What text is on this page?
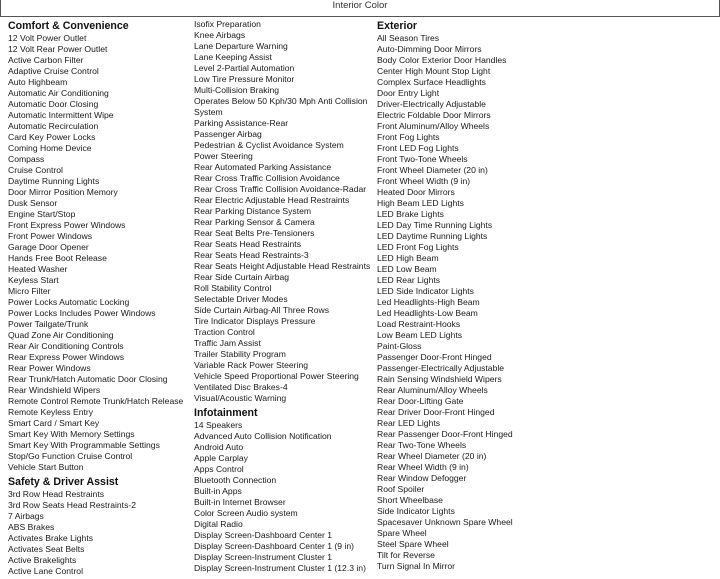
Interior Color
Comfort & Convenience
12 Volt Power Outlet
12 Volt Rear Power Outlet
Active Carbon Filter
Adaptive Cruise Control
Auto Highbeam
Automatic Air Conditioning
Automatic Door Closing
Automatic Intermittent Wipe
Automatic Recirculation
Card Key Power Locks
Coming Home Device
Compass
Cruise Control
Daytime Running Lights
Door Mirror Position Memory
Dusk Sensor
Engine Start/Stop
Front Express Power Windows
Front Power Windows
Garage Door Opener
Hands Free Boot Release
Heated Washer
Keyless Start
Micro Filter
Power Locks Automatic Locking
Power Locks Includes Power Windows
Power Tailgate/Trunk
Quad Zone Air Conditioning
Rear Air Conditioning Controls
Rear Express Power Windows
Rear Power Windows
Rear Trunk/Hatch Automatic Door Closing
Rear Windshield Wipers
Remote Control Remote Trunk/Hatch Release
Remote Keyless Entry
Smart Card / Smart Key
Smart Key With Memory Settings
Smart Key With Programmable Settings
Stop/Go Function Cruise Control
Vehicle Start Button
Safety & Driver Assist
3rd Row Head Restraints
3rd Row Seats Head Restraints-2
7 Airbags
ABS Brakes
Activates Brake Lights
Activates Seat Belts
Active Brakelights
Active Lane Control
Isofix Preparation
Knee Airbags
Lane Departure Warning
Lane Keeping Assist
Level 2-Partial Automation
Low Tire Pressure Monitor
Multi-Collision Braking
Operates Below 50 Kph/30 Mph Anti Collision System
Parking Assistance-Rear
Passenger Airbag
Pedestrian & Cyclist Avoidance System
Power Steering
Rear Automated Parking Assistance
Rear Cross Traffic Collision Avoidance
Rear Cross Traffic Collision Avoidance-Radar
Rear Electric Adjustable Head Restraints
Rear Parking Distance System
Rear Parking Sensor & Camera
Rear Seat Belts Pre-Tensioners
Rear Seats Head Restraints
Rear Seats Head Restraints-3
Rear Seats Height Adjustable Head Restraints
Rear Side Curtain Airbag
Roll Stability Control
Selectable Driver Modes
Side Curtain Airbag-All Three Rows
Tire Indicator Displays Pressure
Traction Control
Traffic Jam Assist
Trailer Stability Program
Variable Rack Power Steering
Vehicle Speed Proportional Power Steering
Ventilated Disc Brakes-4
Visual/Acoustic Warning
Infotainment
14 Speakers
Advanced Auto Collision Notification
Android Auto
Apple Carplay
Apps Control
Bluetooth Connection
Built-in Apps
Built-in Internet Browser
Color Screen Audio system
Digital Radio
Display Screen-Dashboard Center 1
Display Screen-Dashboard Center 1 (9 in)
Display Screen-Instrument Cluster 1
Display Screen-Instrument Cluster 1 (12.3 in)
Exterior
All Season Tires
Auto-Dimming Door Mirrors
Body Color Exterior Door Handles
Center High Mount Stop Light
Complex Surface Headlights
Door Entry Light
Driver-Electrically Adjustable
Electric Foldable Door Mirrors
Front Aluminum/Alloy Wheels
Front Fog Lights
Front LED Fog Lights
Front Two-Tone Wheels
Front Wheel Diameter (20 in)
Front Wheel Width (9 in)
Heated Door Mirrors
High Beam LED Lights
LED Brake Lights
LED Day Time Running Lights
LED Daytime Running Lights
LED Front Fog Lights
LED High Beam
LED Low Beam
LED Rear Lights
LED Side Indicator Lights
Led Headlights-High Beam
Led Headlights-Low Beam
Load Restraint-Hooks
Low Beam LED Lights
Paint-Gloss
Passenger Door-Front Hinged
Passenger-Electrically Adjustable
Rain Sensing Windshield Wipers
Rear Aluminum/Alloy Wheels
Rear Door-Lifting Gate
Rear Driver Door-Front Hinged
Rear LED Lights
Rear Passenger Door-Front Hinged
Rear Two-Tone Wheels
Rear Wheel Diameter (20 in)
Rear Wheel Width (9 in)
Rear Window Defogger
Roof Spoiler
Short Wheelbase
Side Indicator Lights
Spacesaver Unknown Spare Wheel
Spare Wheel
Steel Spare Wheel
Tilt for Reverse
Turn Signal In Mirror
